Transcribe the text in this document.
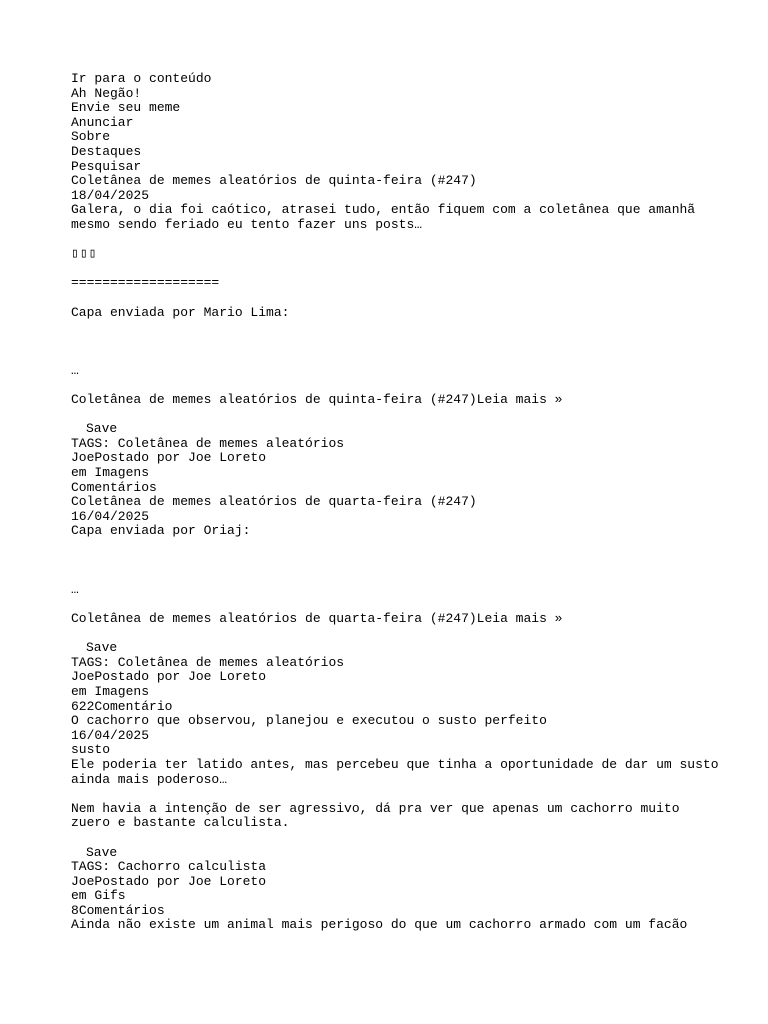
Ir para o conteúdo
Ah Negão!
Envie seu meme
Anunciar
Sobre
Destaques
Pesquisar
Coletânea de memes aleatórios de quinta-feira (#247)
18/04/2025
Galera, o dia foi caótico, atrasei tudo, então fiquem com a coletânea que amanhã
mesmo sendo feriado eu tento fazer uns posts…
▯▯▯
===================
Capa enviada por Mario Lima:
…
Coletânea de memes aleatórios de quinta-feira (#247)Leia mais »
Save
TAGS: Coletânea de memes aleatórios
JoePostado por Joe Loreto
em Imagens
Comentários
Coletânea de memes aleatórios de quarta-feira (#247)
16/04/2025
Capa enviada por Oriaj:
…
Coletânea de memes aleatórios de quarta-feira (#247)Leia mais »
Save
TAGS: Coletânea de memes aleatórios
JoePostado por Joe Loreto
em Imagens
622Comentário
O cachorro que observou, planejou e executou o susto perfeito
16/04/2025
susto
Ele poderia ter latido antes, mas percebeu que tinha a oportunidade de dar um susto
ainda mais poderoso…
Nem havia a intenção de ser agressivo, dá pra ver que apenas um cachorro muito
zuero e bastante calculista.
Save
TAGS: Cachorro calculista
JoePostado por Joe Loreto
em Gifs
8Comentários
Ainda não existe um animal mais perigoso do que um cachorro armado com um facão
